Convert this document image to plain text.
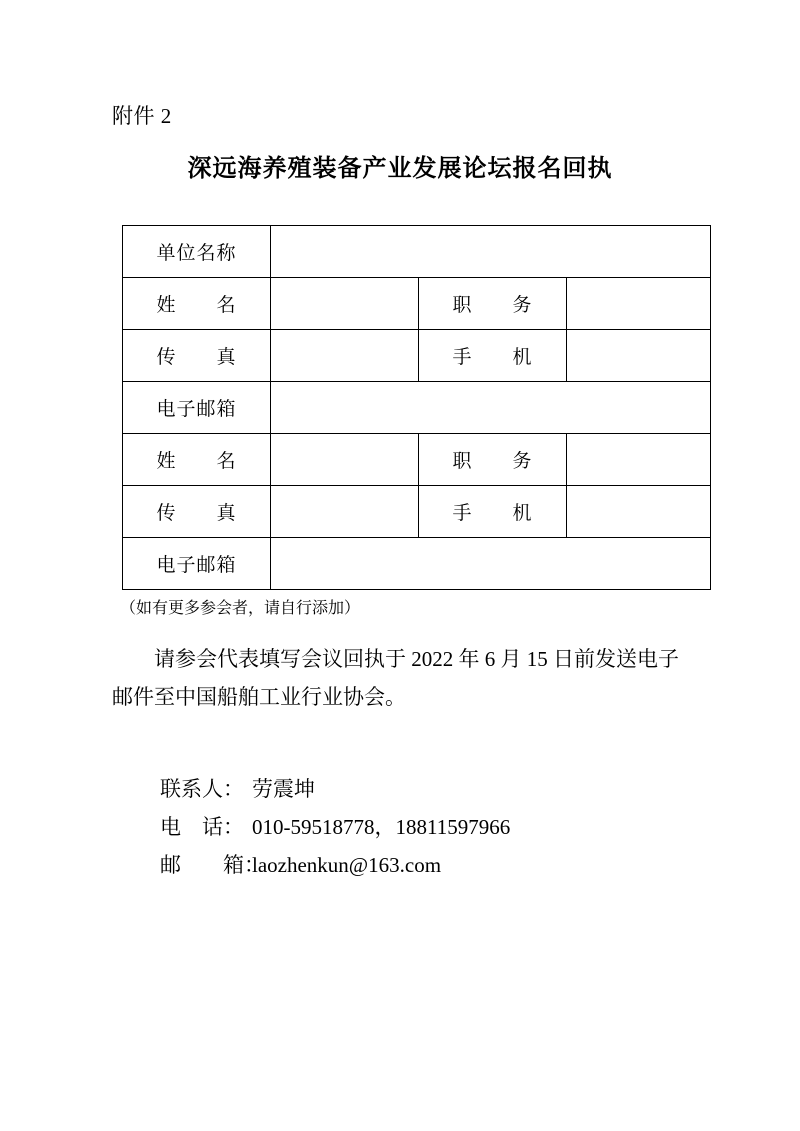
附件 2
深远海养殖装备产业发展论坛报名回执
单位名称			
姓　　名		职　　务	
传　　真		手　　机	
电子邮箱			
姓　　名		职　　务	
传　　真		手　　机	
电子邮箱			
（如有更多参会者，请自行添加）
请参会代表填写会议回执于 2022 年 6 月 15 日前发送电子邮件至中国船舶工业行业协会。
联系人： 劳震坤
电　话： 010-59518778，18811597966
邮　　箱：laozhenkun@163.com
